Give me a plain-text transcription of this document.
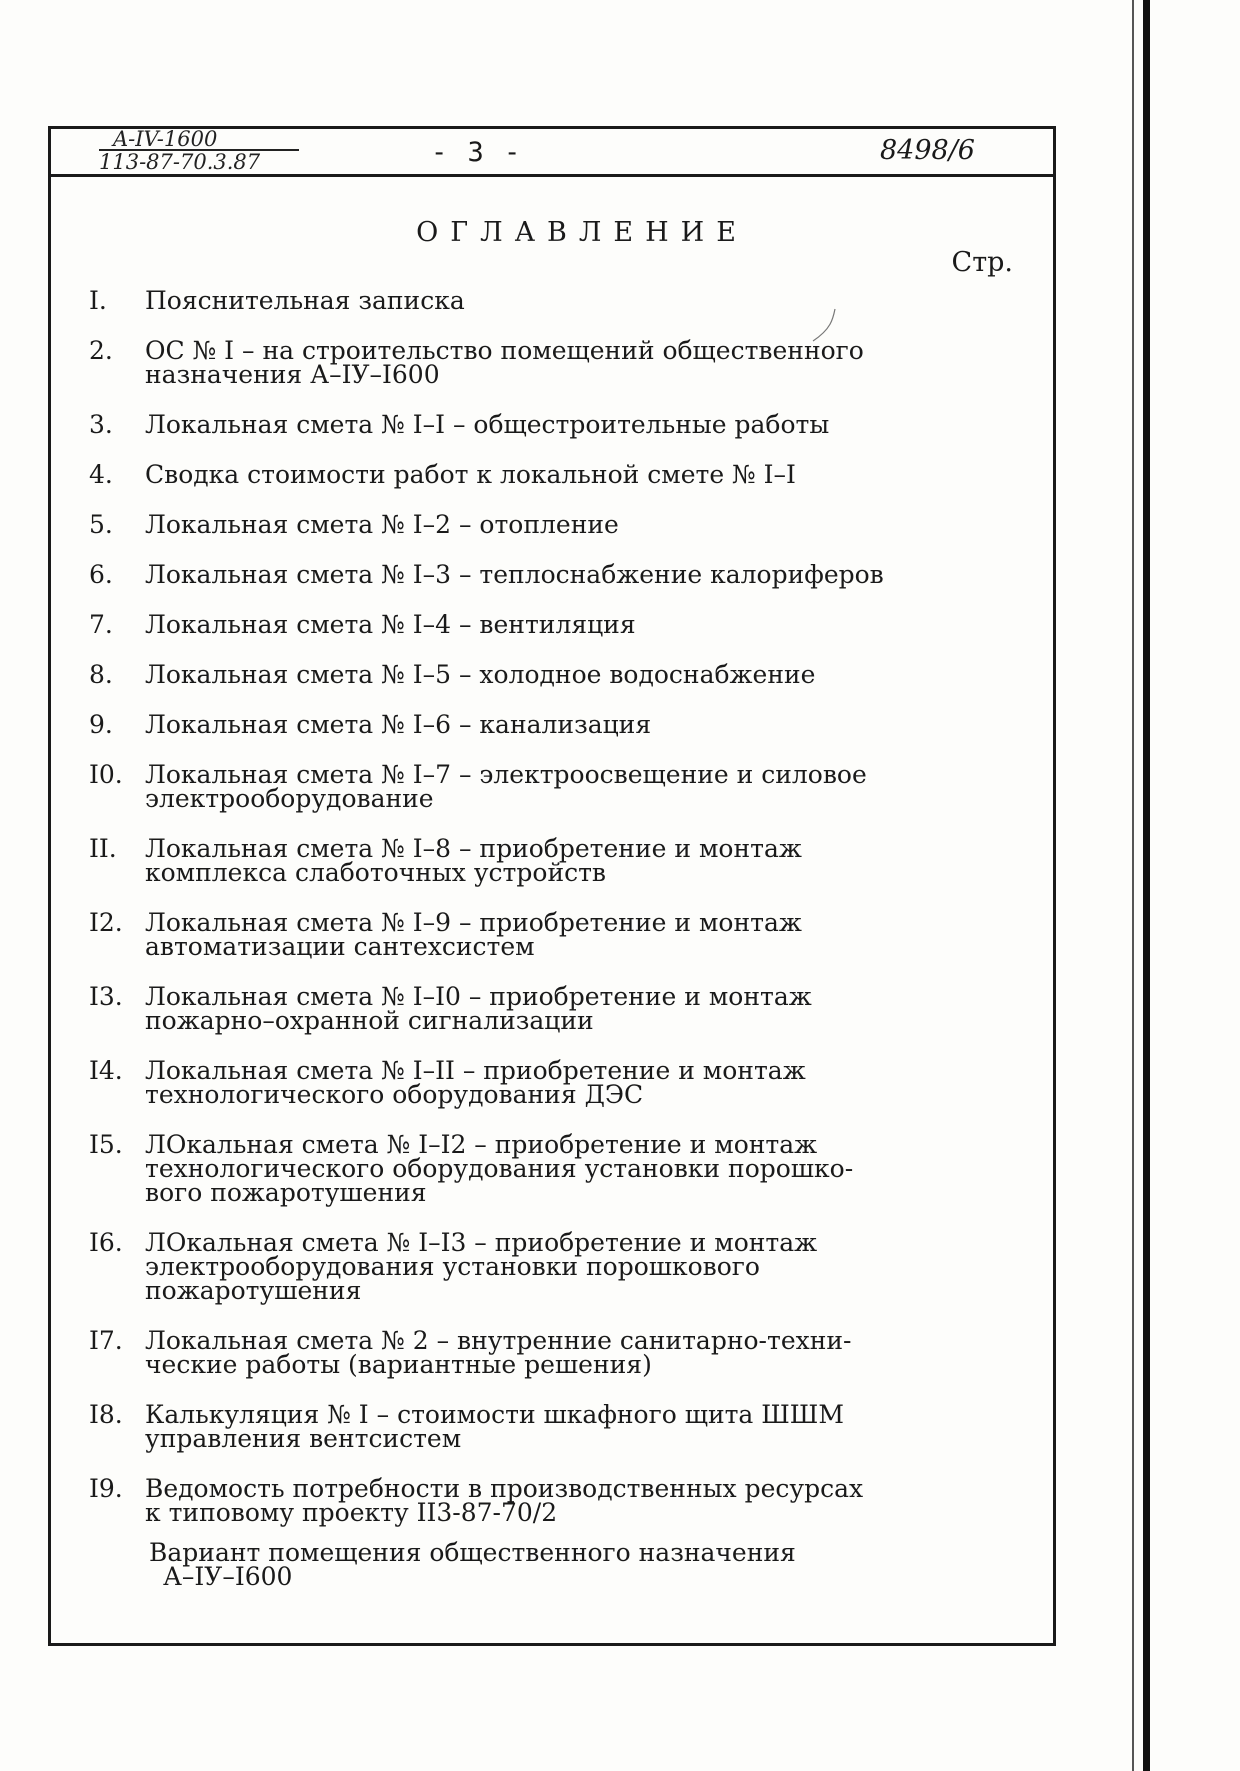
A-IV-1600
113-87-70.3.87	- 3 -	8498/6
ОГЛАВЛЕНИЕ
Стр.
I.	Пояснительная записка
2.	ОС № I – на строительство помещений общественного
назначения А–IУ–I600
3.	Локальная смета № I–I – общестроительные работы
4.	Сводка стоимости работ к локальной смете № I–I
5.	Локальная смета № I–2 – отопление
6.	Локальная смета № I–3 – теплоснабжение калориферов
7.	Локальная смета № I–4 – вентиляция
8.	Локальная смета № I–5 – холодное водоснабжение
9.	Локальная смета № I–6 – канализация
I0. Локальная смета № I–7 – электроосвещение и силовое
электрооборудование
II.	Локальная смета № I–8 – приобретение и монтаж
комплекса слаботочных устройств
I2. Локальная смета № I–9 – приобретение и монтаж
автоматизации сантехсистем
I3. Локальная смета № I–I0 – приобретение и монтаж
пожарно–охранной сигнализации
I4. Локальная смета № I–II – приобретение и монтаж
технологического оборудования ДЭС
I5. ЛОкальная смета № I–I2 – приобретение и монтаж
технологического оборудования установки порошко-
вого пожаротушения
I6. ЛОкальная смета № I–I3 – приобретение и монтаж
электрооборудования установки порошкового
пожаротушения
I7. Локальная смета № 2 – внутренние санитарно-техни-
ческие работы (вариантные решения)
I8. Калькуляция № I – стоимости шкафного щита ШШМ
управления вентсистем
I9. Ведомость потребности в производственных ресурсах
к типовому проекту II3-87-70/2
Вариант помещения общественного назначения
А–IУ–I600
